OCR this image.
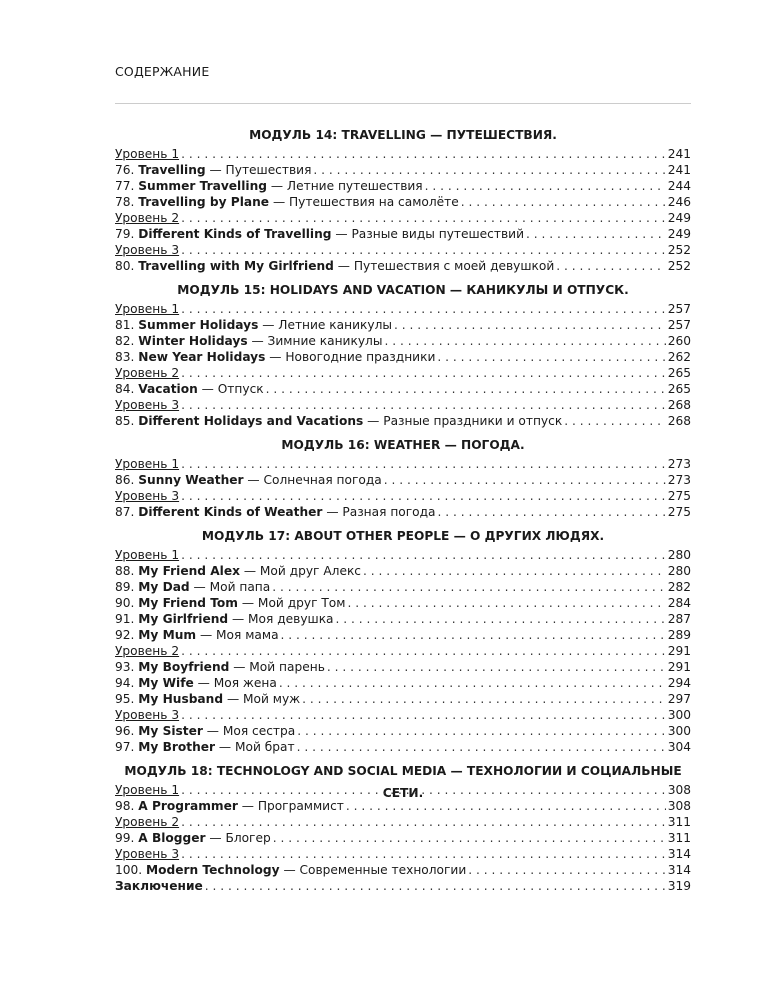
СОДЕРЖАНИЕ
МОДУЛЬ 14: TRAVELLING — ПУТЕШЕСТВИЯ.
Уровень 1 . . .	241
76. Travelling — Путешествия . . .	241
77. Summer Travelling — Летние путешествия . . .	244
78. Travelling by Plane — Путешествия на самолёте . . .	246
Уровень 2 . . .	249
79. Different Kinds of Travelling — Разные виды путешествий . . .	249
Уровень 3 . . .	252
80. Travelling with My Girlfriend — Путешествия с моей девушкой . . .	252
МОДУЛЬ 15: HOLIDAYS AND VACATION — КАНИКУЛЫ И ОТПУСК.
Уровень 1 . . .	257
81. Summer Holidays — Летние каникулы . . .	257
82. Winter Holidays — Зимние каникулы . . .	260
83. New Year Holidays — Новогодние праздники . . .	262
Уровень 2 . . .	265
84. Vacation — Отпуск . . .	265
Уровень 3 . . .	268
85. Different Holidays and Vacations — Разные праздники и отпуск . . .	268
МОДУЛЬ 16: WEATHER — ПОГОДА.
Уровень 1 . . .	273
86. Sunny Weather — Солнечная погода . . .	273
Уровень 3 . . .	275
87. Different Kinds of Weather — Разная погода . . .	275
МОДУЛЬ 17: ABOUT OTHER PEOPLE — О ДРУГИХ ЛЮДЯХ.
Уровень 1 . . .	280
88. My Friend Alex — Мой друг Алекс . . .	280
89. My Dad — Мой папа . . .	282
90. My Friend Tom — Мой друг Том . . .	284
91. My Girlfriend — Моя девушка . . .	287
92. My Mum — Моя мама . . .	289
Уровень 2 . . .	291
93. My Boyfriend — Мой парень . . .	291
94. My Wife — Моя жена . . .	294
95. My Husband — Мой муж . . .	297
Уровень 3 . . .	300
96. My Sister — Моя сестра . . .	300
97. My Brother — Мой брат . . .	304
МОДУЛЬ 18: TECHNOLOGY AND SOCIAL MEDIA — ТЕХНОЛОГИИ И СОЦИАЛЬНЫЕ СЕТИ.
Уровень 1 . . .	308
98. A Programmer — Программист . . .	308
Уровень 2 . . .	311
99. A Blogger — Блогер . . .	311
Уровень 3 . . .	314
100. Modern Technology — Современные технологии . . .	314
Заключение . . .	319
